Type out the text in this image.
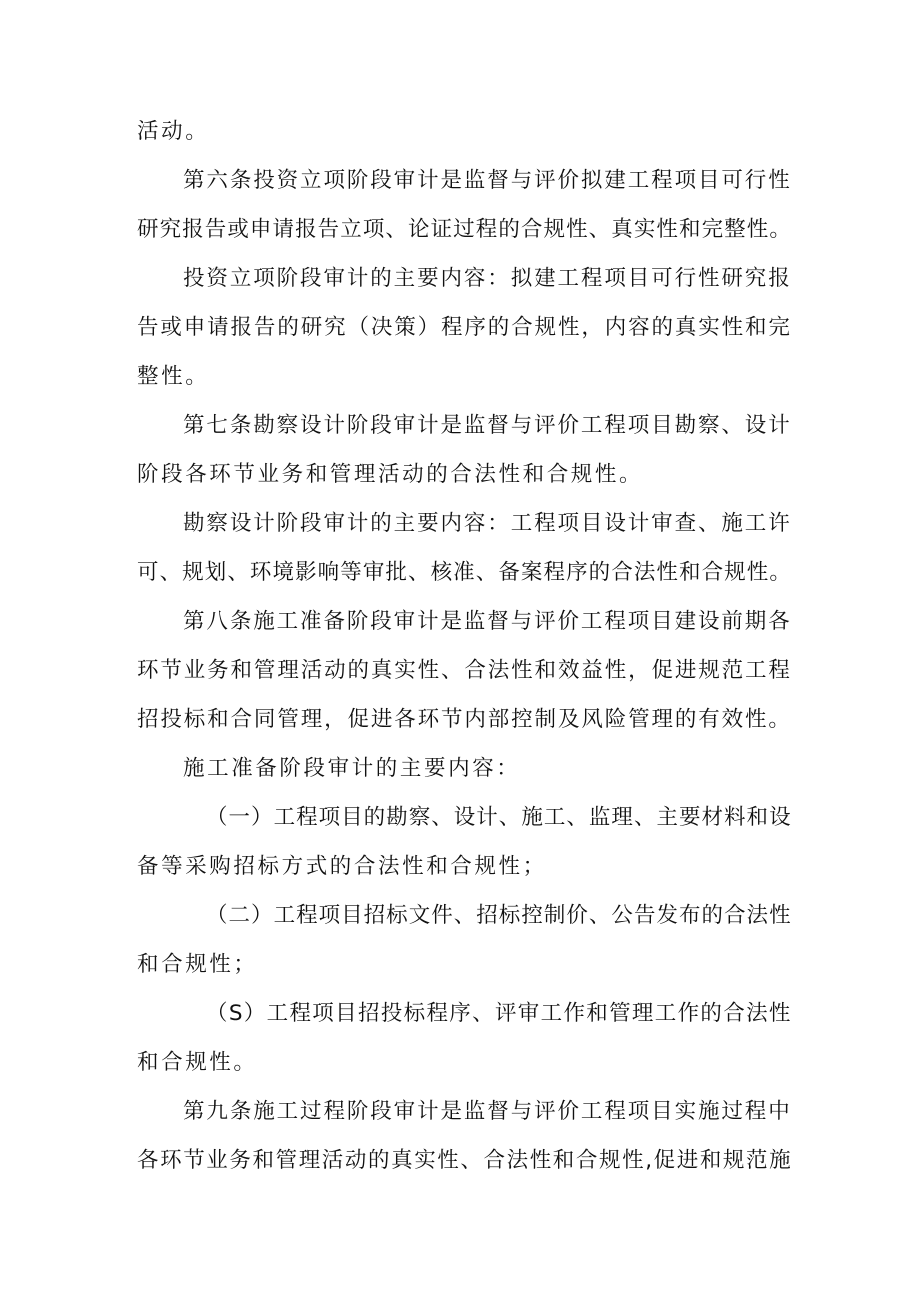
活动。

第六条投资立项阶段审计是监督与评价拟建工程项目可行性

研究报告或申请报告立项、论证过程的合规性、真实性和完整性。

投资立项阶段审计的主要内容：拟建工程项目可行性研究报

告或申请报告的研究（决策）程序的合规性，内容的真实性和完

整性。

第七条勘察设计阶段审计是监督与评价工程项目勘察、设计

阶段各环节业务和管理活动的合法性和合规性。

勘察设计阶段审计的主要内容：工程项目设计审查、施工许

可、规划、环境影响等审批、核准、备案程序的合法性和合规性。

第八条施工准备阶段审计是监督与评价工程项目建设前期各

环节业务和管理活动的真实性、合法性和效益性，促进规范工程

招投标和合同管理，促进各环节内部控制及风险管理的有效性。

施工准备阶段审计的主要内容：

（一）工程项目的勘察、设计、施工、监理、主要材料和设

备等采购招标方式的合法性和合规性；

（二）工程项目招标文件、招标控制价、公告发布的合法性

和合规性；

（S）工程项目招投标程序、评审工作和管理工作的合法性

和合规性。

第九条施工过程阶段审计是监督与评价工程项目实施过程中

各环节业务和管理活动的真实性、合法性和合规性,促进和规范施
